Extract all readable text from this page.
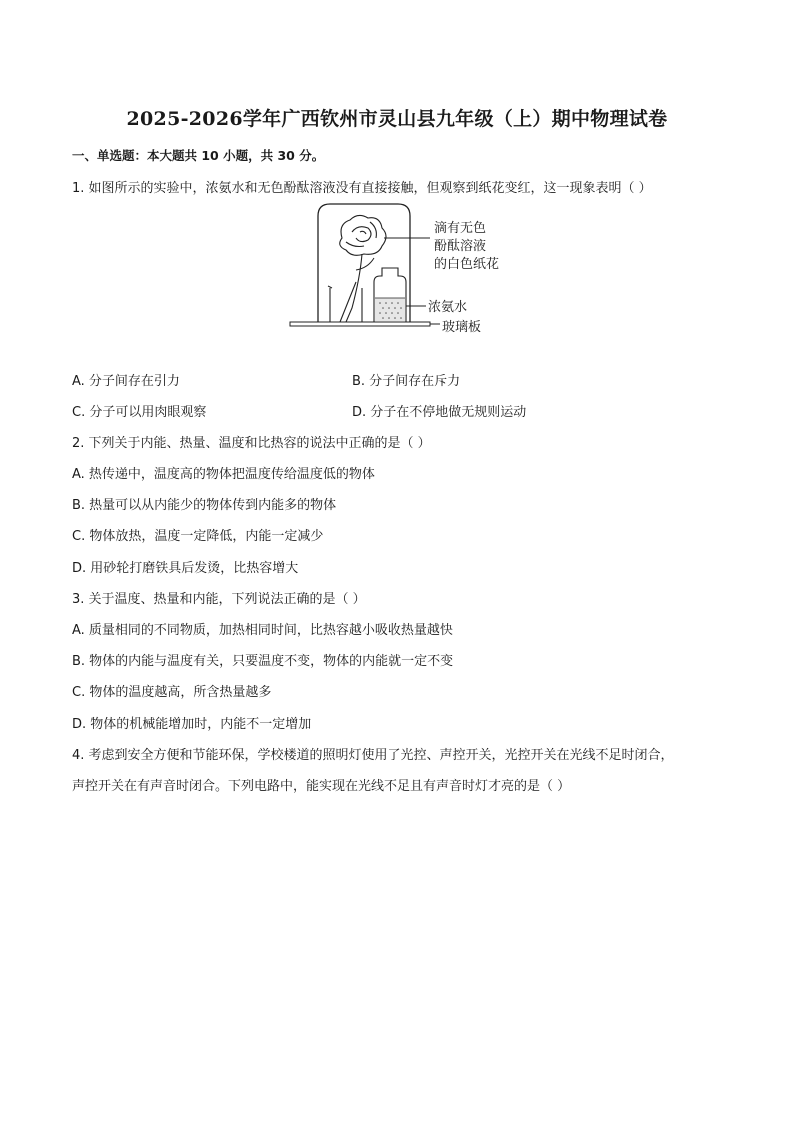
2025-2026学年广西钦州市灵山县九年级（上）期中物理试卷
一、单选题：本大题共 10 小题，共 30 分。
1. 如图所示的实验中，浓氨水和无色酚酞溶液没有直接接触，但观察到纸花变红，这一现象表明（ ）
滴有无色
酚酞溶液
的白色纸花
浓氨水
玻璃板
A. 分子间存在引力	B. 分子间存在斥力
C. 分子可以用肉眼观察	D. 分子在不停地做无规则运动
2. 下列关于内能、热量、温度和比热容的说法中正确的是（ ）
A. 热传递中，温度高的物体把温度传给温度低的物体
B. 热量可以从内能少的物体传到内能多的物体
C. 物体放热，温度一定降低，内能一定减少
D. 用砂轮打磨铁具后发烫，比热容增大
3. 关于温度、热量和内能，下列说法正确的是（ ）
A. 质量相同的不同物质，加热相同时间，比热容越小吸收热量越快
B. 物体的内能与温度有关，只要温度不变，物体的内能就一定不变
C. 物体的温度越高，所含热量越多
D. 物体的机械能增加时，内能不一定增加
4. 考虑到安全方便和节能环保，学校楼道的照明灯使用了光控、声控开关，光控开关在光线不足时闭合，
声控开关在有声音时闭合。下列电路中，能实现在光线不足且有声音时灯才亮的是（ ）
